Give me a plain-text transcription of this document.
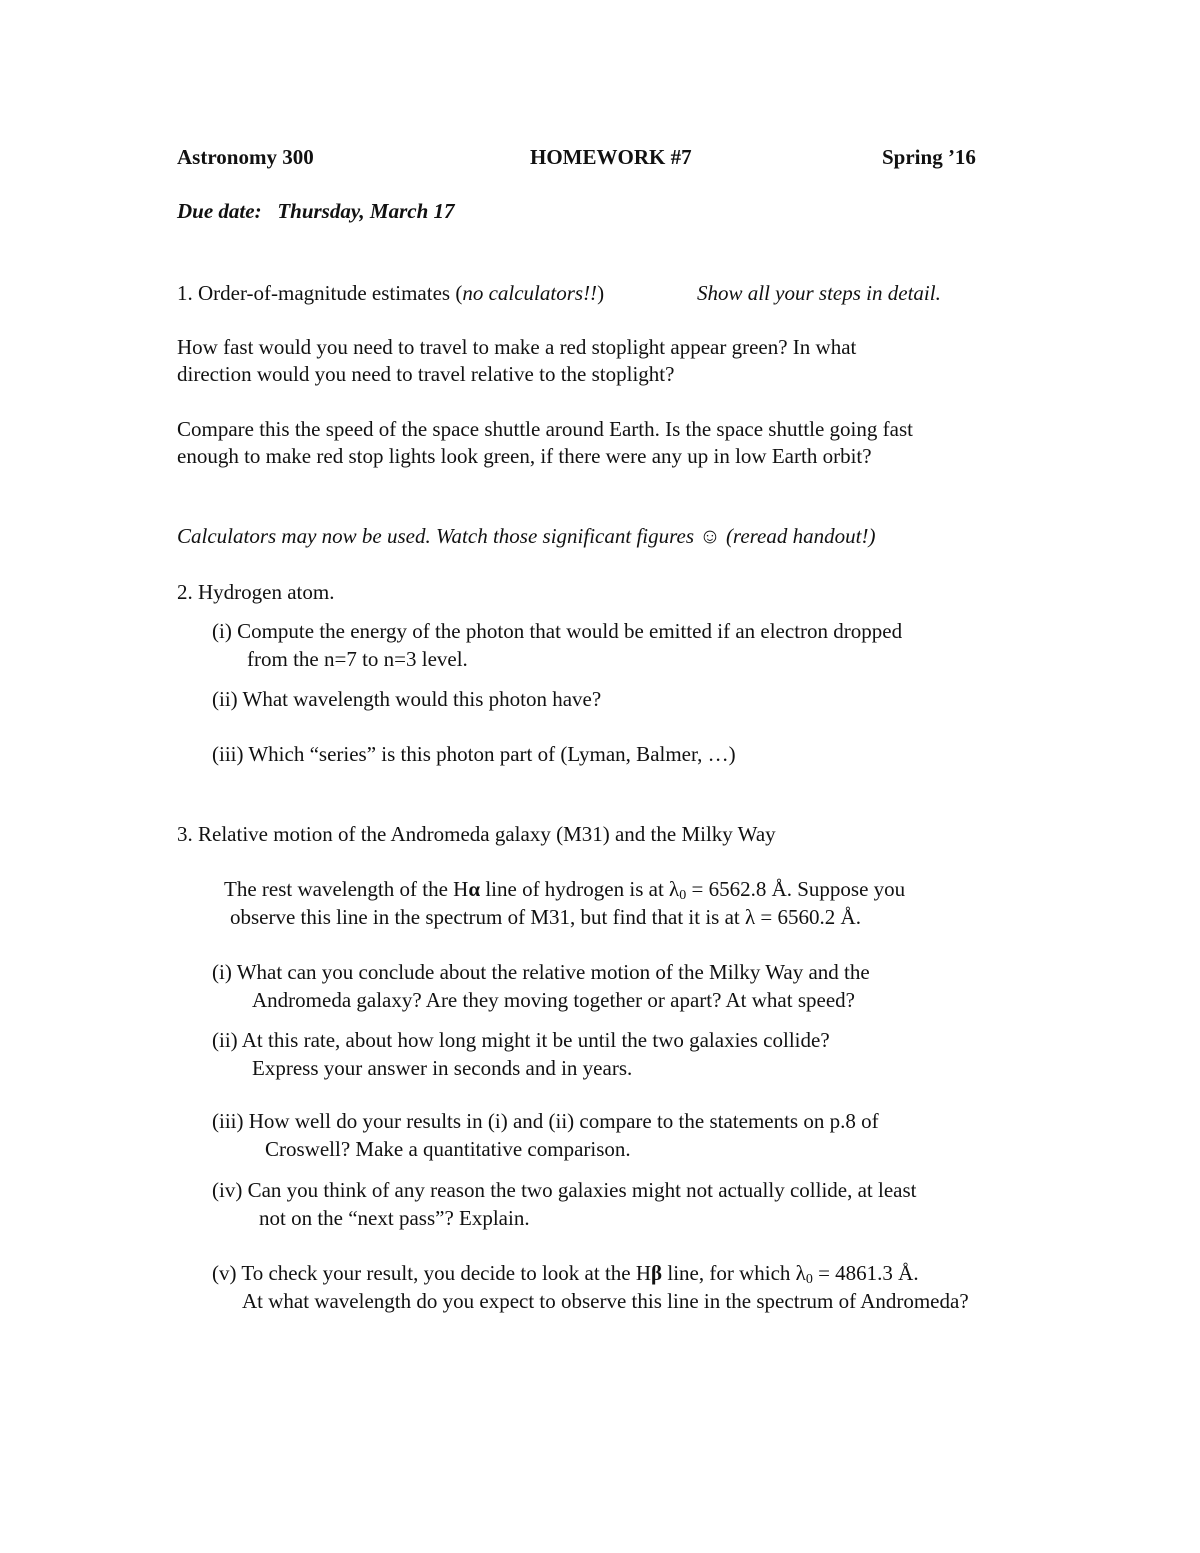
Astronomy 300	HOMEWORK #7	Spring ’16
Due date: Thursday, March 17
1. Order-of-magnitude estimates (no calculators!!)	Show all your steps in detail.
How fast would you need to travel to make a red stoplight appear green? In what
direction would you need to travel relative to the stoplight?
Compare this the speed of the space shuttle around Earth. Is the space shuttle going fast
enough to make red stop lights look green, if there were any up in low Earth orbit?
Calculators may now be used. Watch those significant figures ☺ (reread handout!)
2. Hydrogen atom.
(i) Compute the energy of the photon that would be emitted if an electron dropped
from the n=7 to n=3 level.
(ii) What wavelength would this photon have?
(iii) Which “series” is this photon part of (Lyman, Balmer, …)
3. Relative motion of the Andromeda galaxy (M31) and the Milky Way
The rest wavelength of the Hα line of hydrogen is at $\lambda_0 = 6562.8$ Å. Suppose you
observe this line in the spectrum of M31, but find that it is at λ = 6560.2 Å.
(i) What can you conclude about the relative motion of the Milky Way and the
Andromeda galaxy? Are they moving together or apart? At what speed?
(ii) At this rate, about how long might it be until the two galaxies collide?
Express your answer in seconds and in years.
(iii) How well do your results in (i) and (ii) compare to the statements on p.8 of
Croswell? Make a quantitative comparison.
(iv) Can you think of any reason the two galaxies might not actually collide, at least
not on the “next pass”? Explain.
(v) To check your result, you decide to look at the Hβ line, for which $\lambda_0 = 4861.3$ Å.
At what wavelength do you expect to observe this line in the spectrum of Andromeda?
